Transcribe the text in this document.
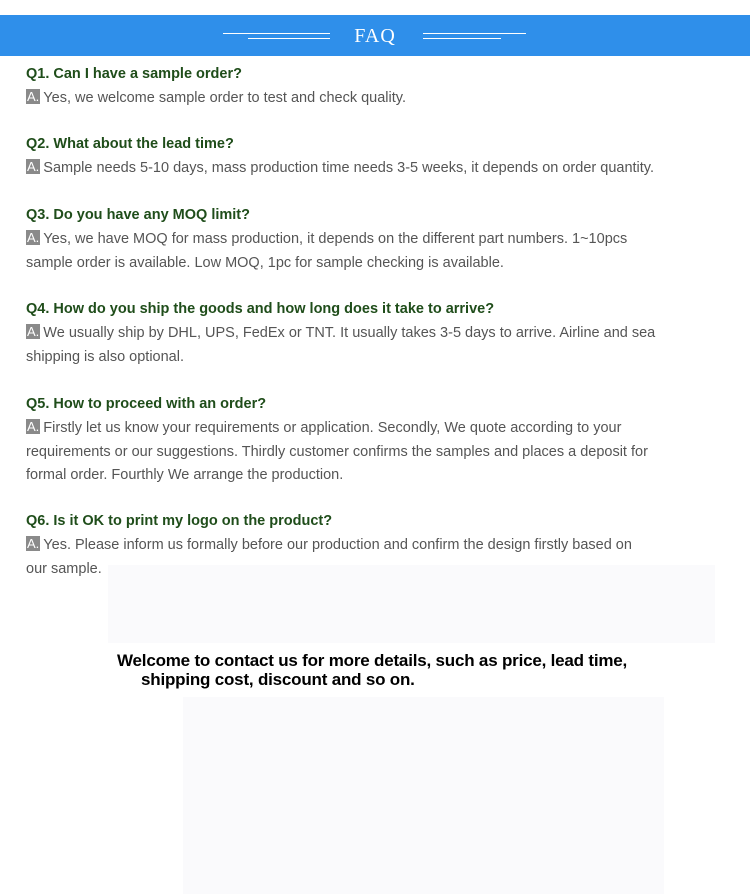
FAQ

Q1. Can I have a sample order?

A. Yes, we welcome sample order to test and check quality.

Q2. What about the lead time?

A. Sample needs 5-10 days, mass production time needs 3-5 weeks, it depends on order quantity.

Q3. Do you have any MOQ limit?

A. Yes, we have MOQ for mass production, it depends on the different part numbers. 1~10pcs sample order is available. Low MOQ, 1pc for sample checking is available.

Q4. How do you ship the goods and how long does it take to arrive?

A. We usually ship by DHL, UPS, FedEx or TNT. It usually takes 3-5 days to arrive. Airline and sea shipping is also optional.

Q5. How to proceed with an order?

A. Firstly let us know your requirements or application. Secondly, We quote according to your requirements or our suggestions. Thirdly customer confirms the samples and places a deposit for formal order. Fourthly We arrange the production.

Q6. Is it OK to print my logo on the product?

A. Yes. Please inform us formally before our production and confirm the design firstly based on our sample.

Welcome to contact us for more details, such as price, lead time,
shipping cost, discount and so on.
